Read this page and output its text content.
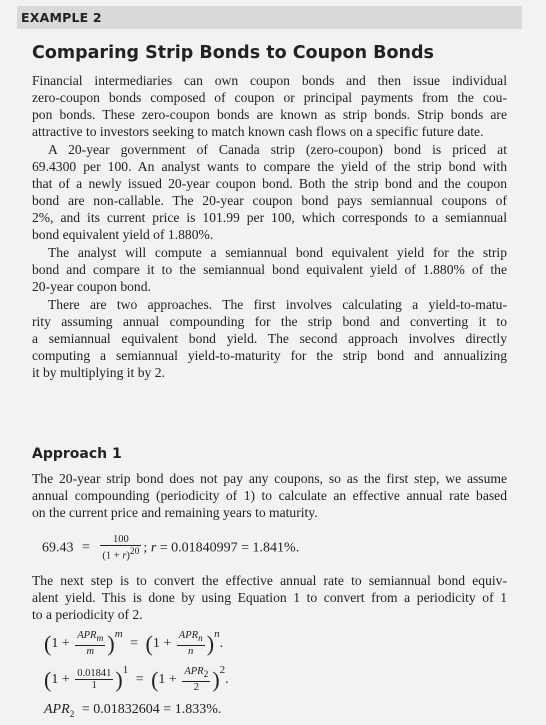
EXAMPLE 2
Comparing Strip Bonds to Coupon Bonds
Financial intermediaries can own coupon bonds and then issue individual
zero-coupon bonds composed of coupon or principal payments from the cou-
pon bonds. These zero-coupon bonds are known as strip bonds. Strip bonds are
attractive to investors seeking to match known cash flows on a specific future date.
A 20-year government of Canada strip (zero-coupon) bond is priced at
69.4300 per 100. An analyst wants to compare the yield of the strip bond with
that of a newly issued 20-year coupon bond. Both the strip bond and the coupon
bond are non-callable. The 20-year coupon bond pays semiannual coupons of
2%, and its current price is 101.99 per 100, which corresponds to a semiannual
bond equivalent yield of 1.880%.
The analyst will compute a semiannual bond equivalent yield for the strip
bond and compare it to the semiannual bond equivalent yield of 1.880% of the
20-year coupon bond.
There are two approaches. The first involves calculating a yield-to-matu-
rity assuming annual compounding for the strip bond and converting it to
a semiannual equivalent bond yield. The second approach involves directly
computing a semiannual yield-to-maturity for the strip bond and annualizing
it by multiplying it by 2.
Approach 1
The 20-year strip bond does not pay any coupons, so as the first step, we assume
annual compounding (periodicity of 1) to calculate an effective annual rate based
on the current price and remaining years to maturity.
$69.43 = \frac{100}{(1 + r)^{20}}$ ; r = 0.01840997 = 1.841%.
The next step is to convert the effective annual rate to semiannual bond equiv-
alent yield. This is done by using Equation 1 to convert from a periodicity of 1
to a periodicity of 2.
$(1 + \frac{APR_m}{m} )^m = (1 + \frac{APR_n}{n} )^n$.
$(1 + \frac{0.01841}{1} )^1 = (1 + \frac{APR_2}{2} )^2$.
$APR_2 = 0.01832604 = 1.833\%$.
